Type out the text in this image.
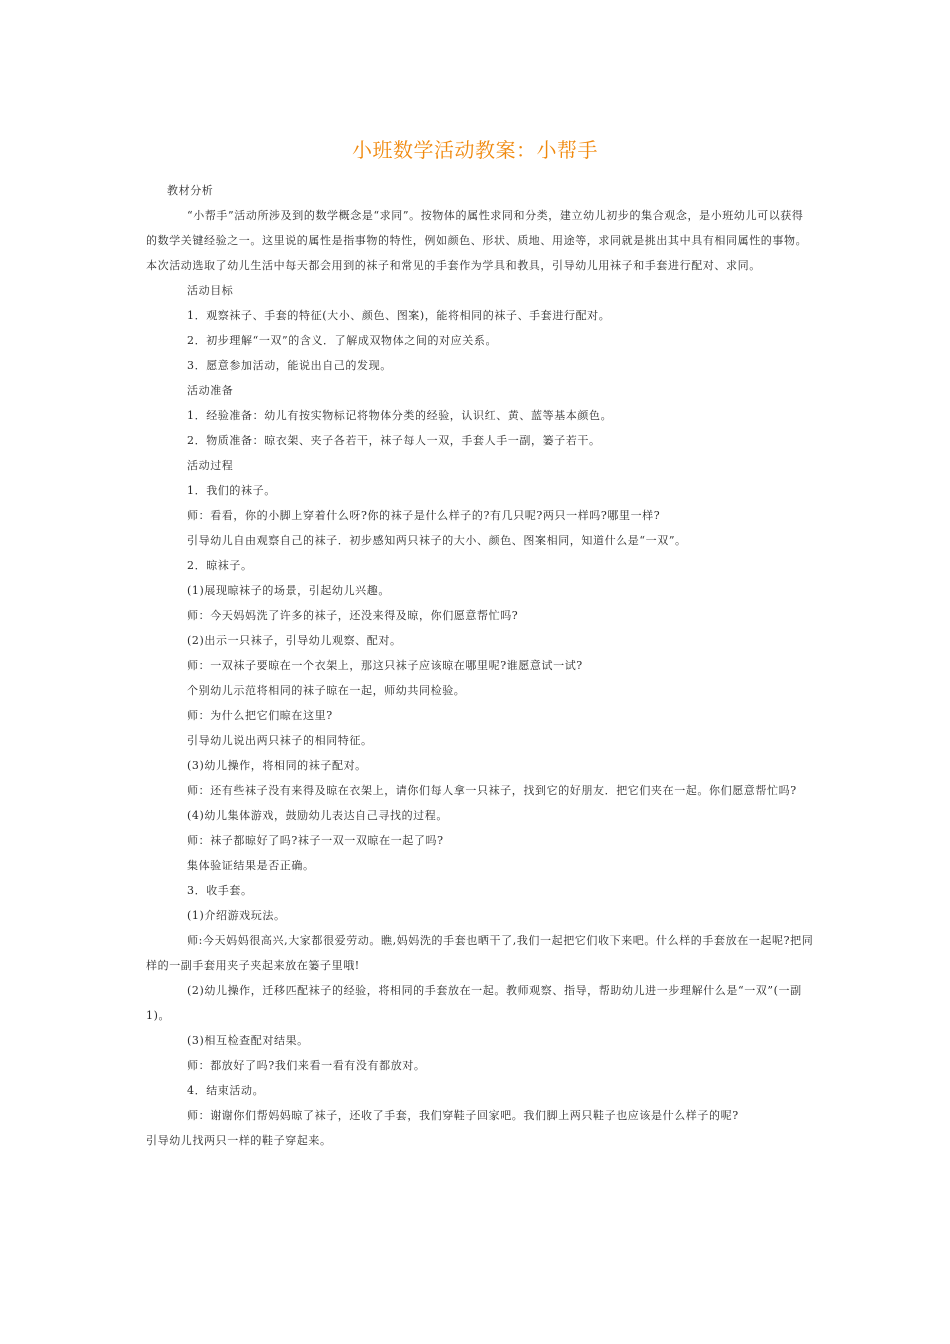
小班数学活动教案：小帮手

教材分析

“小帮手”活动所涉及到的数学概念是“求同”。按物体的属性求同和分类，建立幼儿初步的集合观念，是小班幼儿可以获得的数学关键经验之一。这里说的属性是指事物的特性，例如颜色、形状、质地、用途等，求同就是挑出其中具有相同属性的事物。本次活动选取了幼儿生活中每天都会用到的袜子和常见的手套作为学具和教具，引导幼儿用袜子和手套进行配对、求同。

活动目标

1．观察袜子、手套的特征(大小、颜色、图案)，能将相同的袜子、手套进行配对。

2．初步理解“一双”的含义．了解成双物体之间的对应关系。

3．愿意参加活动，能说出自己的发现。

活动准备

1．经验准备：幼儿有按实物标记将物体分类的经验，认识红、黄、蓝等基本颜色。

2．物质准备：晾衣架、夹子各若干，袜子每人一双，手套人手一副，篓子若干。

活动过程

1．我们的袜子。

师：看看，你的小脚上穿着什么呀?你的袜子是什么样子的?有几只呢?两只一样吗?哪里一样?

引导幼儿自由观察自己的袜子．初步感知两只袜子的大小、颜色、图案相同，知道什么是“一双”。

2．晾袜子。

(1)展现晾袜子的场景，引起幼儿兴趣。

师：今天妈妈洗了许多的袜子，还没来得及晾，你们愿意帮忙吗?

(2)出示一只袜子，引导幼儿观察、配对。

师：一双袜子要晾在一个衣架上，那这只袜子应该晾在哪里呢?谁愿意试一试?

个别幼儿示范将相同的袜子晾在一起，师幼共同检验。

师：为什么把它们晾在这里?

引导幼儿说出两只袜子的相同特征。

(3)幼儿操作，将相同的袜子配对。

师：还有些袜子没有来得及晾在衣架上，请你们每人拿一只袜子，找到它的好朋友．把它们夹在一起。你们愿意帮忙吗?

(4)幼儿集体游戏，鼓励幼儿表达自己寻找的过程。

师：袜子都晾好了吗?袜子一双一双晾在一起了吗?

集体验证结果是否正确。

3．收手套。

(1)介绍游戏玩法。

师:今天妈妈很高兴,大家都很爱劳动。瞧,妈妈洗的手套也晒干了,我们一起把它们收下来吧。什么样的手套放在一起呢?把同样的一副手套用夹子夹起来放在篓子里哦!

(2)幼儿操作，迁移匹配袜子的经验，将相同的手套放在一起。教师观察、指导，帮助幼儿进一步理解什么是“一双”(一副1)。

(3)相互检查配对结果。

师：都放好了吗?我们来看一看有没有都放对。

4．结束活动。

师：谢谢你们帮妈妈晾了袜子，还收了手套，我们穿鞋子回家吧。我们脚上两只鞋子也应该是什么样子的呢?

引导幼儿找两只一样的鞋子穿起来。
